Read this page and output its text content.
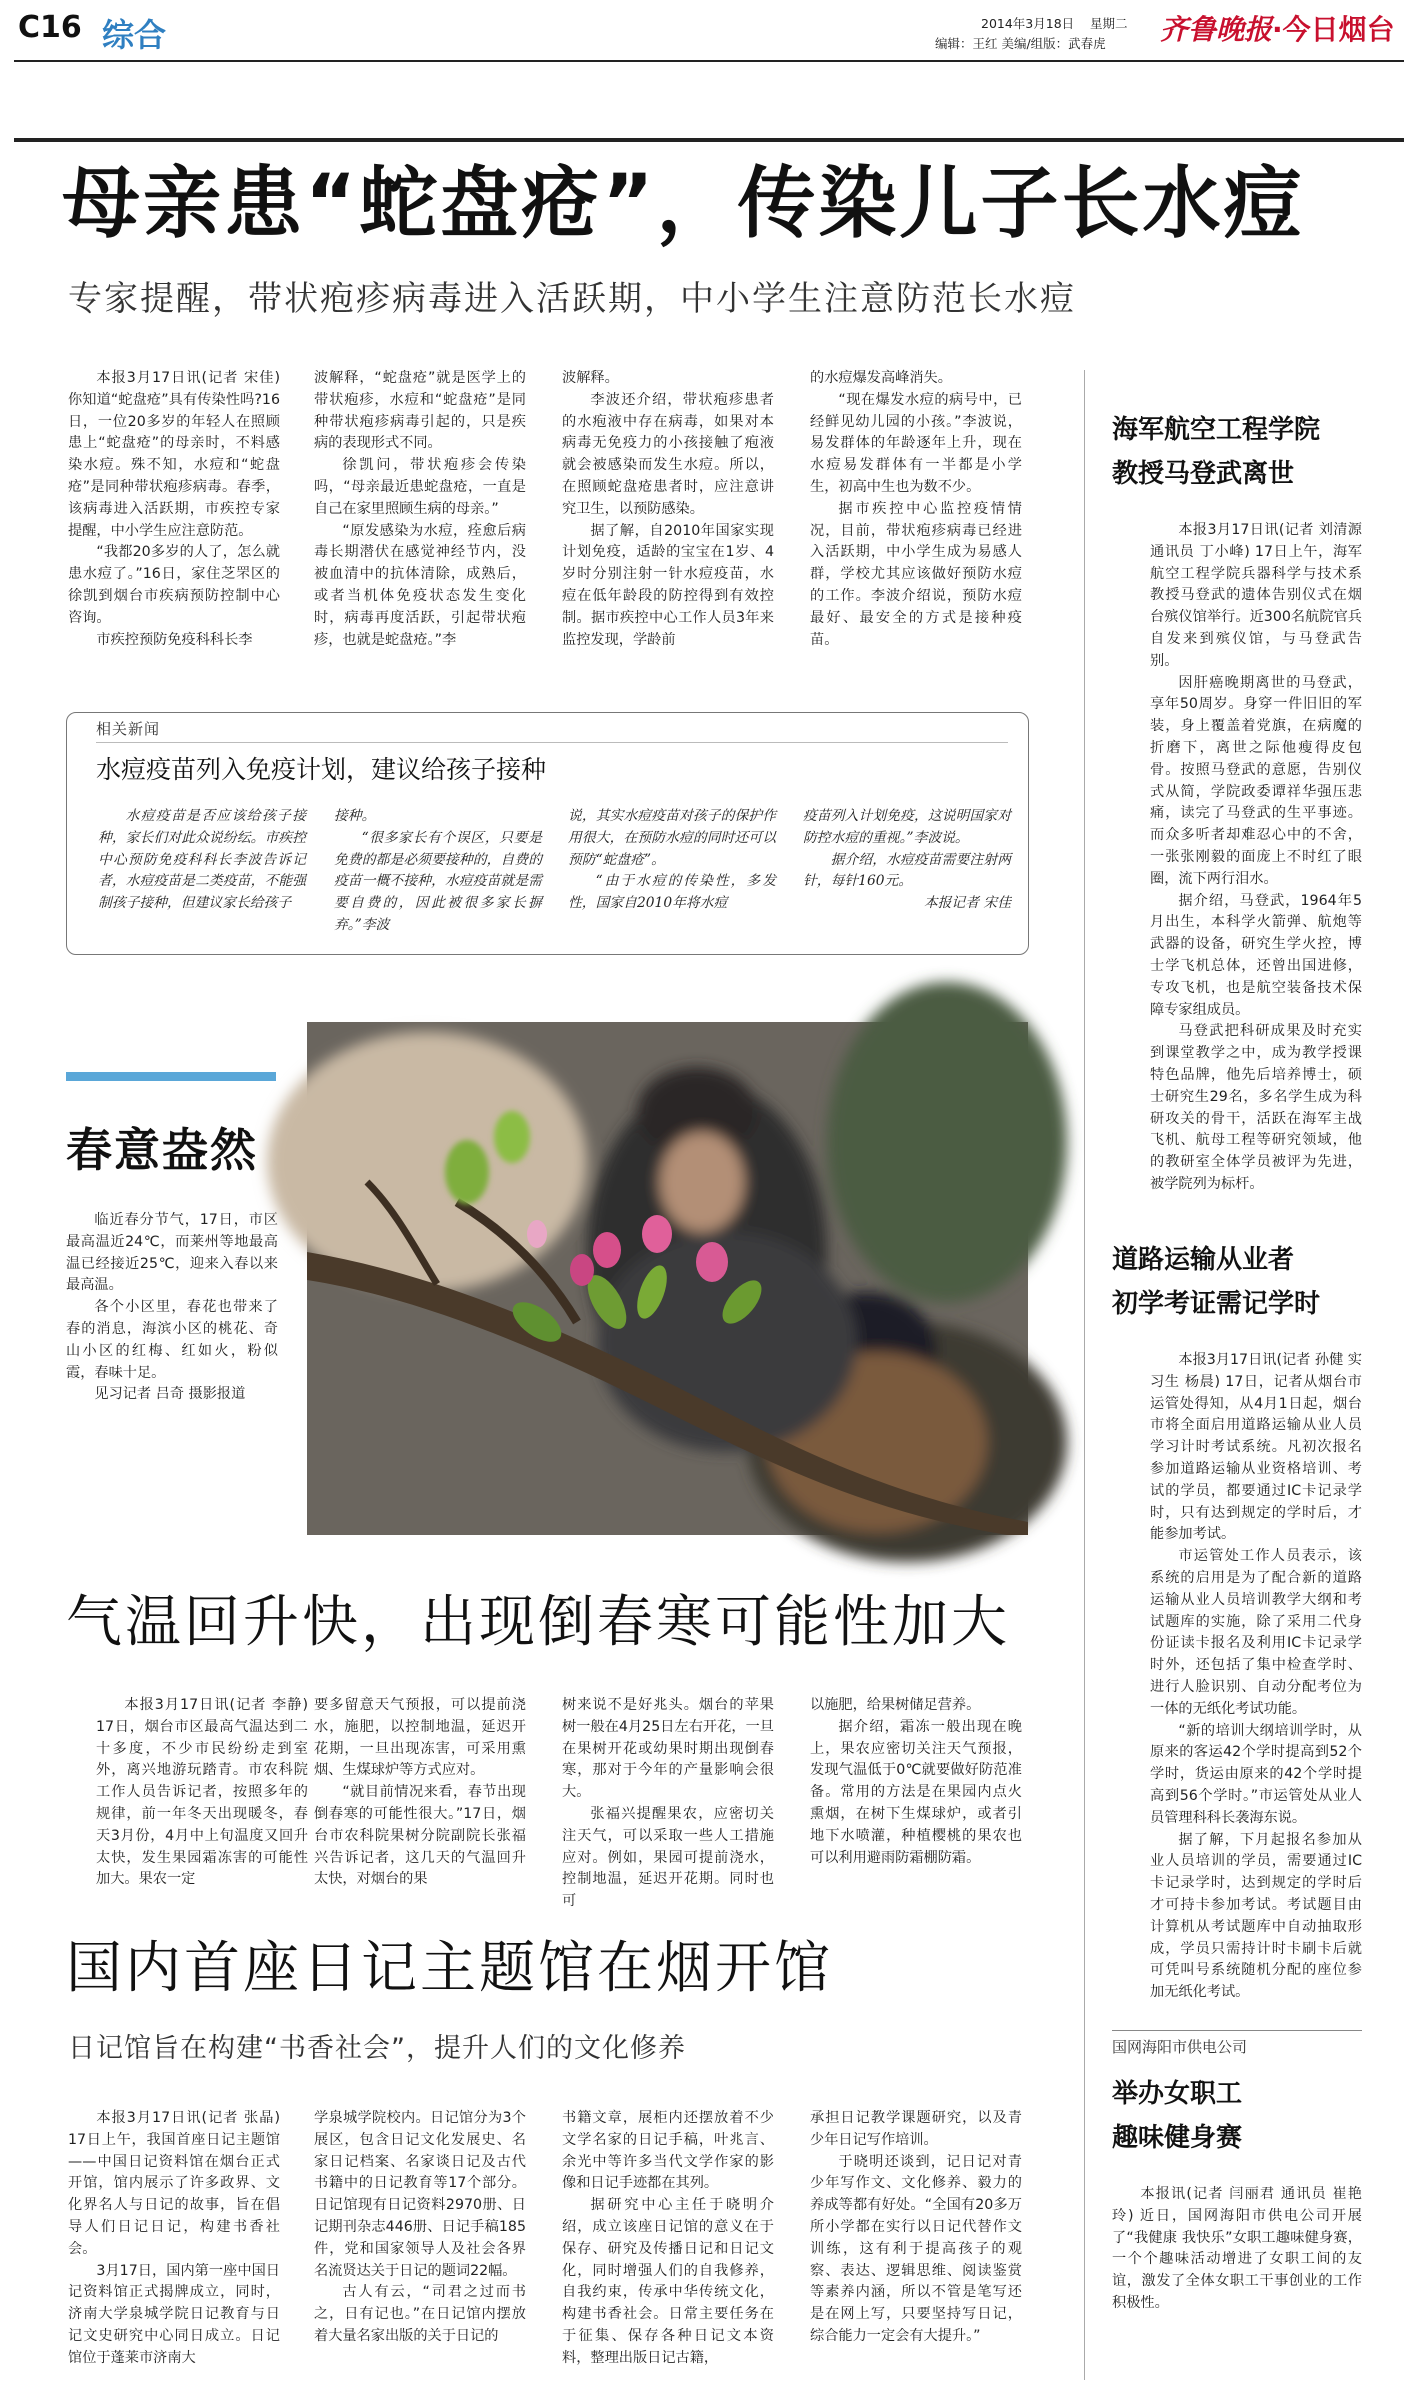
C16 综合	2014年3月18日 星期二
编辑：王红 美编/组版：武春虎 齐鲁晚报·今日烟台
母亲患“蛇盘疮”，传染儿子长水痘
专家提醒，带状疱疹病毒进入活跃期，中小学生注意防范长水痘

本报3月17日讯(记者 宋佳) 你知道“蛇盘疮”具有传染性吗?16日，一位20多岁的年轻人在照顾患上“蛇盘疮”的母亲时，不料感染水痘。殊不知，水痘和“蛇盘疮”是同种带状疱疹病毒。春季，该病毒进入活跃期，市疾控专家提醒，中小学生应注意防范。

“我都20多岁的人了，怎么就患水痘了。”16日，家住芝罘区的徐凯到烟台市疾病预防控制中心咨询。

市疾控预防免疫科科长李

波解释，“蛇盘疮”就是医学上的带状疱疹，水痘和“蛇盘疮”是同种带状疱疹病毒引起的，只是疾病的表现形式不同。

徐凯问，带状疱疹会传染吗，“母亲最近患蛇盘疮，一直是自己在家里照顾生病的母亲。”

“原发感染为水痘，痊愈后病毒长期潜伏在感觉神经节内，没被血清中的抗体清除，成熟后，或者当机体免疫状态发生变化时，病毒再度活跃，引起带状疱疹，也就是蛇盘疮。”李

波解释。

李波还介绍，带状疱疹患者的水疱液中存在病毒，如果对本病毒无免疫力的小孩接触了疱液就会被感染而发生水痘。所以，在照顾蛇盘疮患者时，应注意讲究卫生，以预防感染。

据了解，自2010年国家实现计划免疫，适龄的宝宝在1岁、4岁时分别注射一针水痘疫苗，水痘在低年龄段的防控得到有效控制。据市疾控中心工作人员3年来监控发现，学龄前

的水痘爆发高峰消失。

“现在爆发水痘的病号中，已经鲜见幼儿园的小孩。”李波说，易发群体的年龄逐年上升，现在水痘易发群体有一半都是小学生，初高中生也为数不少。

据市疾控中心监控疫情情况，目前，带状疱疹病毒已经进入活跃期，中小学生成为易感人群，学校尤其应该做好预防水痘的工作。李波介绍说，预防水痘最好、最安全的方式是接种疫苗。

相关新闻
水痘疫苗列入免疫计划，建议给孩子接种

水痘疫苗是否应该给孩子接种，家长们对此众说纷纭。市疾控中心预防免疫科科长李波告诉记者，水痘疫苗是二类疫苗，不能强制孩子接种，但建议家长给孩子

接种。

“很多家长有个误区，只要是免费的都是必须要接种的，自费的疫苗一概不接种，水痘疫苗就是需要自费的，因此被很多家长摒弃。”李波

说，其实水痘疫苗对孩子的保护作用很大，在预防水痘的同时还可以预防“蛇盘疮”。

“由于水痘的传染性，多发性，国家自2010年将水痘

疫苗列入计划免疫，这说明国家对防控水痘的重视。”李波说。

据介绍，水痘疫苗需要注射两针，每针160元。

本报记者 宋佳

海军航空工程学院
教授马登武离世

本报3月17日讯(记者 刘清源 通讯员 丁小峰) 17日上午，海军航空工程学院兵器科学与技术系教授马登武的遗体告别仪式在烟台殡仪馆举行。近300名航院官兵自发来到殡仪馆，与马登武告别。

因肝癌晚期离世的马登武，享年50周岁。身穿一件旧旧的军装，身上覆盖着党旗，在病魔的折磨下，离世之际他瘦得皮包骨。按照马登武的意愿，告别仪式从简，学院政委谭祥华强压悲痛，读完了马登武的生平事迹。而众多听者却难忍心中的不舍，一张张刚毅的面庞上不时红了眼圈，流下两行泪水。

据介绍，马登武，1964年5月出生，本科学火箭弹、航炮等武器的设备，研究生学火控，博士学飞机总体，还曾出国进修，专攻飞机，也是航空装备技术保障专家组成员。

马登武把科研成果及时充实到课堂教学之中，成为教学授课特色品牌，他先后培养博士，硕士研究生29名，多名学生成为科研攻关的骨干，活跃在海军主战飞机、航母工程等研究领域，他的教研室全体学员被评为先进，被学院列为标杆。

春意盎然

临近春分节气，17日，市区最高温近24℃，而莱州等地最高温已经接近25℃，迎来入春以来最高温。

各个小区里，春花也带来了春的消息，海滨小区的桃花、奇山小区的红梅、红如火，粉似霞，春味十足。

见习记者 吕奇 摄影报道

道路运输从业者
初学考证需记学时

本报3月17日讯(记者 孙健 实习生 杨晨) 17日，记者从烟台市运管处得知，从4月1日起，烟台市将全面启用道路运输从业人员学习计时考试系统。凡初次报名参加道路运输从业资格培训、考试的学员，都要通过IC卡记录学时，只有达到规定的学时后，才能参加考试。

市运管处工作人员表示，该系统的启用是为了配合新的道路运输从业人员培训教学大纲和考试题库的实施，除了采用二代身份证读卡报名及利用IC卡记录学时外，还包括了集中检查学时、进行人脸识别、自动分配考位为一体的无纸化考试功能。

“新的培训大纲培训学时，从原来的客运42个学时提高到52个学时，货运由原来的42个学时提高到56个学时。”市运管处从业人员管理科科长袭海东说。

据了解，下月起报名参加从业人员培训的学员，需要通过IC卡记录学时，达到规定的学时后才可持卡参加考试。考试题目由计算机从考试题库中自动抽取形成，学员只需持计时卡刷卡后就可凭叫号系统随机分配的座位参加无纸化考试。

气温回升快，出现倒春寒可能性加大

本报3月17日讯(记者 李静) 17日，烟台市区最高气温达到二十多度，不少市民纷纷走到室外，离兴地游玩踏青。市农科院工作人员告诉记者，按照多年的规律，前一年冬天出现暖冬，春天3月份，4月中上旬温度又回升太快，发生果园霜冻害的可能性加大。果农一定

要多留意天气预报，可以提前浇水，施肥，以控制地温，延迟开花期，一旦出现冻害，可采用熏烟、生煤球炉等方式应对。

“就目前情况来看，春节出现倒春寒的可能性很大。”17日，烟台市农科院果树分院副院长张福兴告诉记者，这几天的气温回升太快，对烟台的果

树来说不是好兆头。烟台的苹果树一般在4月25日左右开花，一旦在果树开花或幼果时期出现倒春寒，那对于今年的产量影响会很大。

张福兴提醒果农，应密切关注天气，可以采取一些人工措施应对。例如，果园可提前浇水，控制地温，延迟开花期。同时也可

以施肥，给果树储足营养。

据介绍，霜冻一般出现在晚上，果农应密切关注天气预报，发现气温低于0℃就要做好防范准备。常用的方法是在果园内点火熏烟，在树下生煤球炉，或者引地下水喷灌，种植樱桃的果农也可以利用避雨防霜棚防霜。

国内首座日记主题馆在烟开馆
日记馆旨在构建“书香社会”，提升人们的文化修养

本报3月17日讯(记者 张晶) 17日上午，我国首座日记主题馆——中国日记资料馆在烟台正式开馆，馆内展示了许多政界、文化界名人与日记的故事，旨在倡导人们日记日记，构建书香社会。

3月17日，国内第一座中国日记资料馆正式揭牌成立，同时，济南大学泉城学院日记教育与日记文史研究中心同日成立。日记馆位于蓬莱市济南大

学泉城学院校内。日记馆分为3个展区，包含日记文化发展史、名家日记档案、名家谈日记及古代书籍中的日记教育等17个部分。日记馆现有日记资料2970册、日记期刊杂志446册、日记手稿185件，党和国家领导人及社会各界名流贤达关于日记的题词22幅。

古人有云，“司君之过而书之，日有记也。”在日记馆内摆放着大量名家出版的关于日记的

书籍文章，展柜内还摆放着不少文学名家的日记手稿，叶兆言、余光中等许多当代文学作家的影像和日记手迹都在其列。

据研究中心主任于晓明介绍，成立该座日记馆的意义在于保存、研究及传播日记和日记文化，同时增强人们的自我修养，自我约束，传承中华传统文化，构建书香社会。日常主要任务在于征集、保存各种日记文本资料，整理出版日记古籍，

承担日记教学课题研究，以及青少年日记写作培训。

于晓明还谈到，记日记对青少年写作文、文化修养、毅力的养成等都有好处。“全国有20多万所小学都在实行以日记代替作文训练，这有利于提高孩子的观察、表达、逻辑思维、阅读鉴赏等素养内涵，所以不管是笔写还是在网上写，只要坚持写日记，综合能力一定会有大提升。”

国网海阳市供电公司
举办女职工
趣味健身赛

本报讯(记者 闫丽君 通讯员 崔艳玲) 近日，国网海阳市供电公司开展了“我健康 我快乐”女职工趣味健身赛，一个个趣味活动增进了女职工间的友谊，激发了全体女职工干事创业的工作积极性。
